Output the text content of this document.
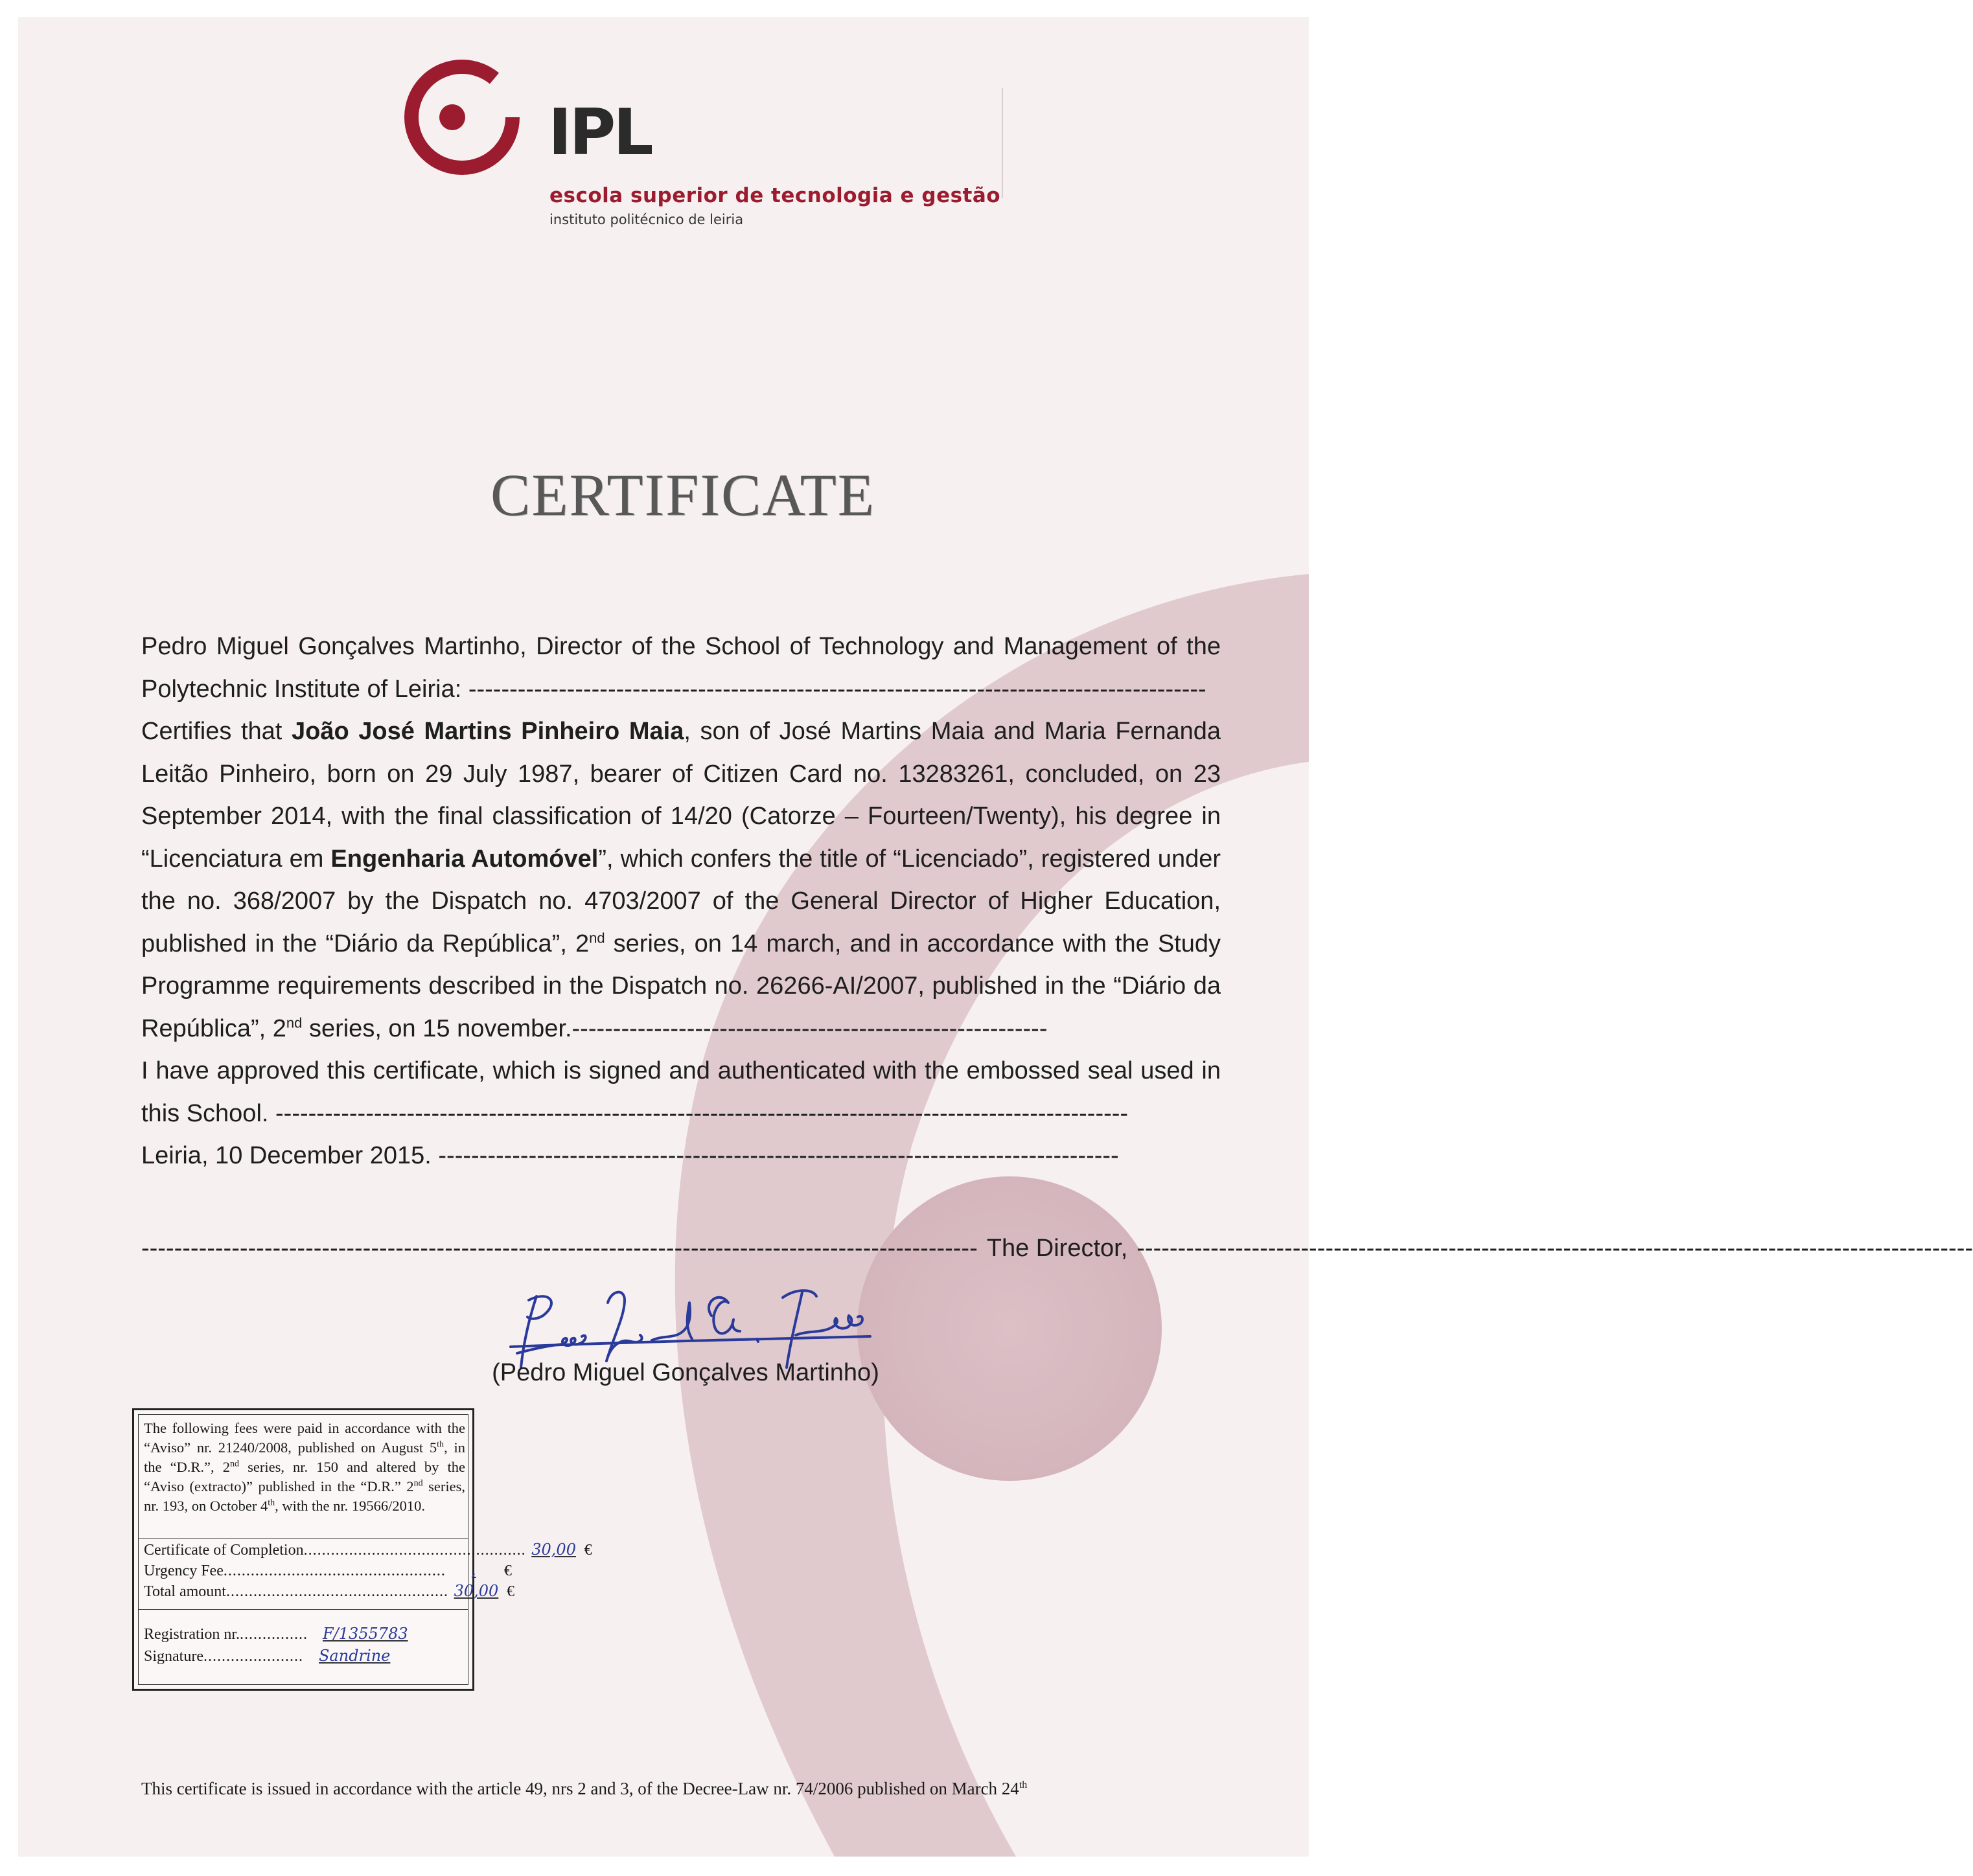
IPL
escola superior de tecnologia e gestão
instituto politécnico de leiria
CERTIFICATE

Pedro Miguel Gonçalves Martinho, Director of the School of Technology and Management of the Polytechnic Institute of Leiria: ------------------------------------------------------------------------------------------

Certifies that João José Martins Pinheiro Maia, son of José Martins Maia and Maria Fernanda Leitão Pinheiro, born on 29 July 1987, bearer of Citizen Card no. 13283261, concluded, on 23 September 2014, with the final classification of 14/20 (Catorze – Fourteen/Twenty), his degree in “Licenciatura em Engenharia Automóvel”, which confers the title of “Licenciado”, registered under the no. 368/2007 by the Dispatch no. 4703/2007 of the General Director of Higher Education, published in the “Diário da República”, 2nd series, on 14 march, and in accordance with the Study Programme requirements described in the Dispatch no. 26266-AI/2007, published in the “Diário da República”, 2nd series, on 15 november.----------------------------------------------------------

I have approved this certificate, which is signed and authenticated with the embossed seal used in this School. --------------------------------------------------------------------------------------------------------

Leiria, 10 December 2015. -----------------------------------------------------------------------------------

------------------------------------------------------------------------------------------------------ The Director, ------------------------------------------------------------------------------------------------------
(Pedro Miguel Gonçalves Martinho)
The following fees were paid in accordance with the “Aviso” nr. 21240/2008, published on August 5th, in the “D.R.”, 2nd series, nr. 150 and altered by the “Aviso (extracto)” published in the “D.R.” 2nd series, nr. 193, on October 4th, with the nr. 19566/2010.
Certificate of Completion ................................................. 30,00 €
Urgency Fee .................................................	,	€
Total amount ................................................. 30,00 €
Registration nr. ............... F/1355783
Signature ......................	Sandrine
This certificate is issued in accordance with the article 49, nrs 2 and 3, of the Decree-Law nr. 74/2006 published on March 24th
